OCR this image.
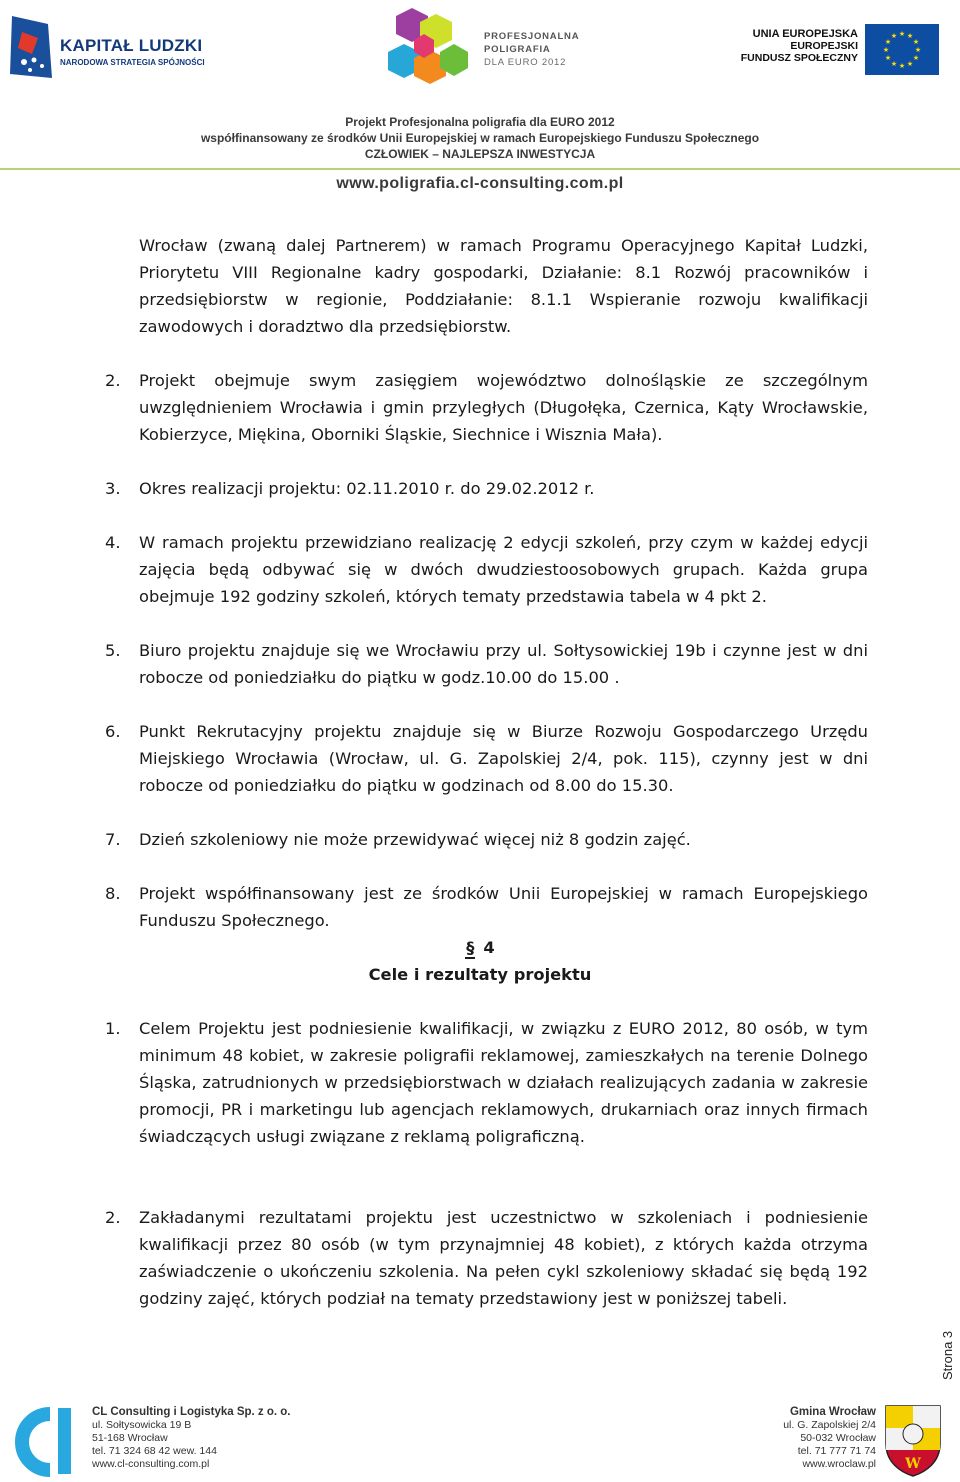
KAPITAŁ LUDZKI
NARODOWA STRATEGIA SPÓJNOŚCI
PROFESJONALNA
POLIGRAFIA
DLA EURO 2012
UNIA EUROPEJSKA
EUROPEJSKI
FUNDUSZ SPOŁECZNY
★ ★
★
★
★
★
★
★
★
★
★
★
Projekt Profesjonalna poligrafia dla EURO 2012
współfinansowany ze środków Unii Europejskiej w ramach Europejskiego Funduszu Społecznego
CZŁOWIEK – NAJLEPSZA INWESTYCJA
www.poligrafia.cl-consulting.com.pl
Wrocław (zwaną dalej Partnerem) w ramach Programu Operacyjnego Kapitał Ludzki, Priorytetu VIII Regionalne kadry gospodarki, Działanie: 8.1 Rozwój pracowników i przedsiębiorstw w regionie, Poddziałanie: 8.1.1 Wspieranie rozwoju kwalifikacji zawodowych i doradztwo dla przedsiębiorstw.
2. Projekt obejmuje swym zasięgiem województwo dolnośląskie ze szczególnym uwzględnieniem Wrocławia i gmin przyległych (Długołęka, Czernica, Kąty Wrocławskie, Kobierzyce, Miękina, Oborniki Śląskie, Siechnice i Wisznia Mała).
3. Okres realizacji projektu: 02.11.2010 r. do 29.02.2012 r.
4. W ramach projektu przewidziano realizację 2 edycji szkoleń, przy czym w każdej edycji zajęcia będą odbywać się w dwóch dwudziestoosobowych grupach. Każda grupa obejmuje 192 godziny szkoleń, których tematy przedstawia tabela w 4 pkt 2.
5. Biuro projektu znajduje się we Wrocławiu przy ul. Sołtysowickiej 19b i czynne jest w dni robocze od poniedziałku do piątku w godz.10.00 do 15.00 .
6. Punkt Rekrutacyjny projektu znajduje się w Biurze Rozwoju Gospodarczego Urzędu Miejskiego Wrocławia (Wrocław, ul. G. Zapolskiej 2/4, pok. 115), czynny jest w dni robocze od poniedziałku do piątku w godzinach od 8.00 do 15.30.
7. Dzień szkoleniowy nie może przewidywać więcej niż 8 godzin zajęć.
8. Projekt współfinansowany jest ze środków Unii Europejskiej w ramach Europejskiego Funduszu Społecznego.
§ 4
Cele i rezultaty projektu
1. Celem Projektu jest podniesienie kwalifikacji, w związku z EURO 2012, 80 osób, w tym minimum 48 kobiet, w zakresie poligrafii reklamowej, zamieszkałych na terenie Dolnego Śląska, zatrudnionych w przedsiębiorstwach w działach realizujących zadania w zakresie promocji, PR i marketingu lub agencjach reklamowych, drukarniach oraz innych firmach świadczących usługi związane z reklamą poligraficzną.
2. Zakładanymi rezultatami projektu jest uczestnictwo w szkoleniach i podniesienie kwalifikacji przez 80 osób (w tym przynajmniej 48 kobiet), z których każda otrzyma zaświadczenie o ukończeniu szkolenia. Na pełen cykl szkoleniowy składać się będą 192 godziny zajęć, których podział na tematy przedstawiony jest w poniższej tabeli.
Strona 3
CL Consulting i Logistyka Sp. z o. o.
ul. Sołtysowicka 19 B
51-168 Wrocław
tel. 71 324 68 42 wew. 144
www.cl-consulting.com.pl
Gmina Wrocław
ul. G. Zapolskiej 2/4
50-032 Wrocław
tel. 71 777 71 74
www.wroclaw.pl W
